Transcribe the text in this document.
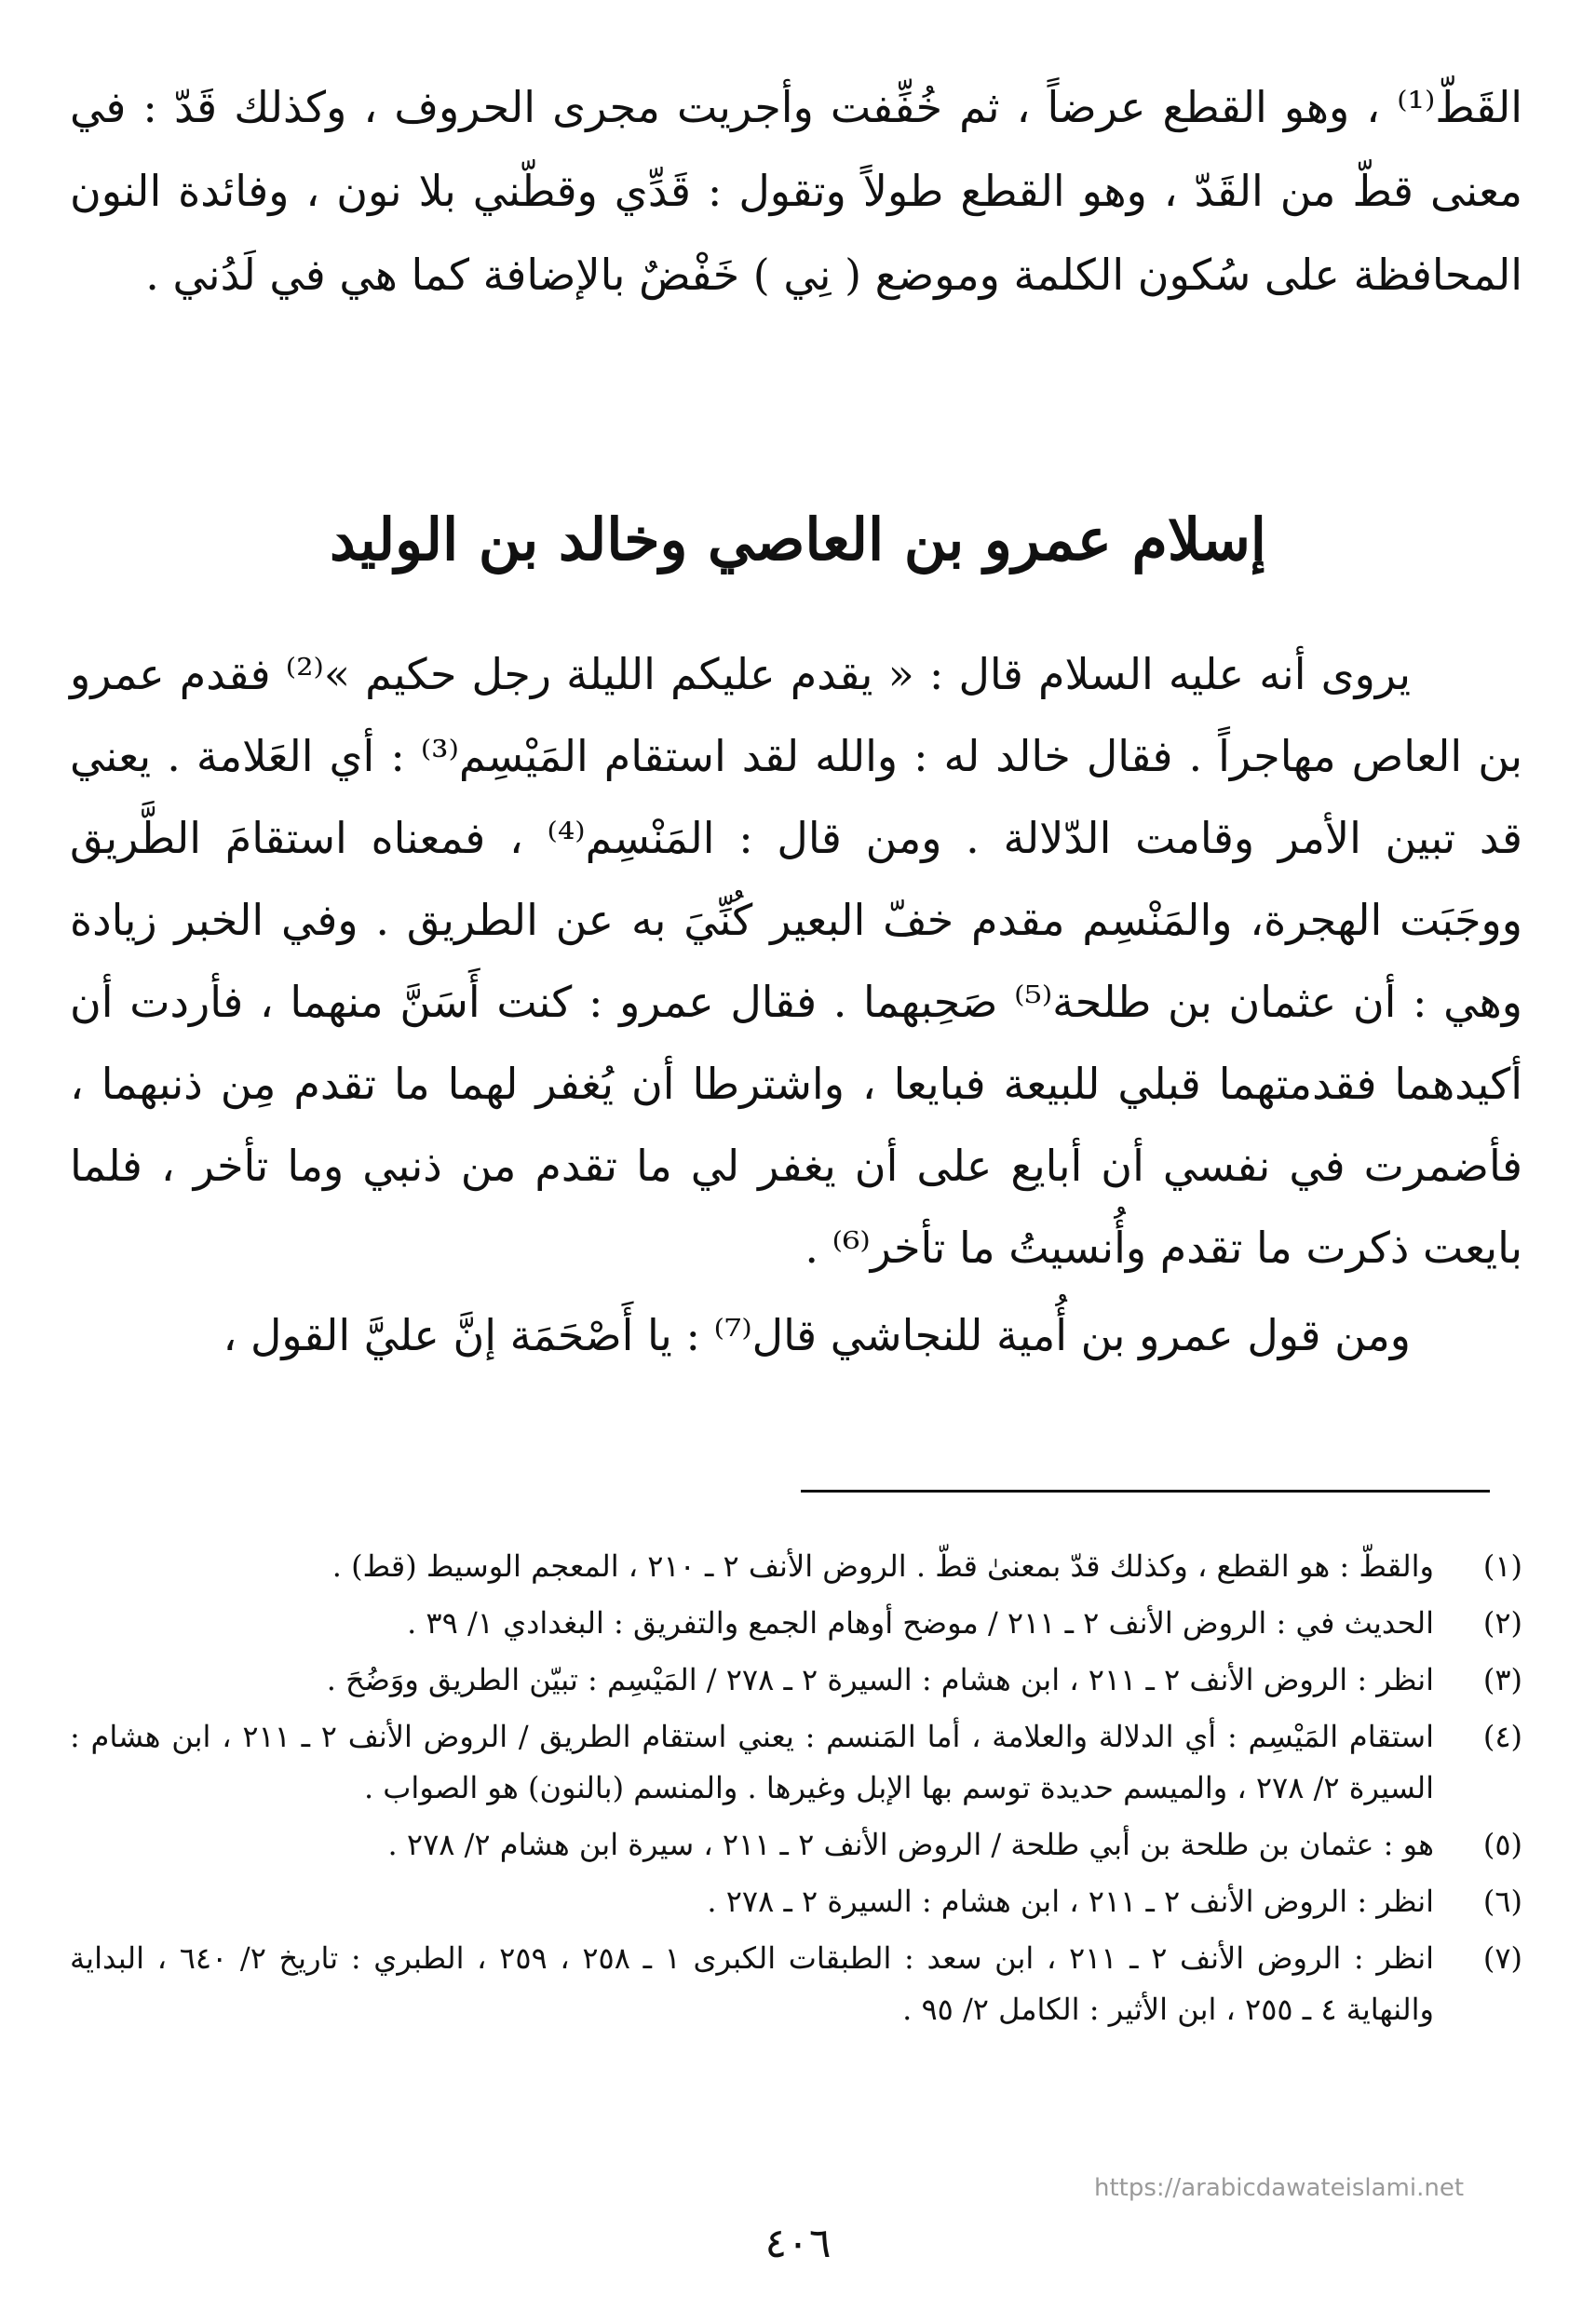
القَطّ⁽¹⁾ ، وهو القطع عرضاً ، ثم خُفِّفت وأجريت مجرى الحروف ، وكذلك قَدّ : في معنى قطّ من القَدّ ، وهو القطع طولاً وتقول : قَدِّي وقطّني بلا نون ، وفائدة النون المحافظة على سُكون الكلمة وموضع ( نِي ) خَفْضٌ بالإضافة كما هي في لَدُني .
إسلام عمرو بن العاصي وخالد بن الوليد

يروى أنه عليه السلام قال : « يقدم عليكم الليلة رجل حكيم »⁽²⁾ فقدم عمرو بن العاص مهاجراً . فقال خالد له : والله لقد استقام المَيْسِم⁽³⁾ : أي العَلامة . يعني قد تبين الأمر وقامت الدّلالة . ومن قال : المَنْسِم⁽⁴⁾ ، فمعناه استقامَ الطَّريق ووجَبَت الهجرة، والمَنْسِم مقدم خفّ البعير كُنِّيَ به عن الطريق . وفي الخبر زيادة وهي : أن عثمان بن طلحة⁽⁵⁾ صَحِبهما . فقال عمرو : كنت أَسَنَّ منهما ، فأردت أن أكيدهما فقدمتهما قبلي للبيعة فبايعا ، واشترطا أن يُغفر لهما ما تقدم مِن ذنبهما ، فأضمرت في نفسي أن أبايع على أن يغفر لي ما تقدم من ذنبي وما تأخر ، فلما بايعت ذكرت ما تقدم وأُنسيتُ ما تأخر⁽⁶⁾ .

ومن قول عمرو بن أُمية للنجاشي قال⁽⁷⁾ : يا أَصْحَمَة إنَّ عليَّ القول ،

(١)
والقطّ : هو القطع ، وكذلك قدّ بمعنىٰ قطّ . الروض الأنف ٢ ـ ٢١٠ ، المعجم الوسيط (قط) .
(٢)
الحديث في : الروض الأنف ٢ ـ ٢١١ / موضح أوهام الجمع والتفريق : البغدادي ١/ ٣٩ .
(٣)
انظر : الروض الأنف ٢ ـ ٢١١ ، ابن هشام : السيرة ٢ ـ ٢٧٨ / المَيْسِم : تبيّن الطريق ووَضُحَ .
(٤)
استقام المَيْسِم : أي الدلالة والعلامة ، أما المَنسم : يعني استقام الطريق / الروض الأنف ٢ ـ ٢١١ ، ابن هشام : السيرة ٢/ ٢٧٨ ، والميسم حديدة توسم بها الإبل وغيرها . والمنسم (بالنون) هو الصواب .
(٥)
هو : عثمان بن طلحة بن أبي طلحة / الروض الأنف ٢ ـ ٢١١ ، سيرة ابن هشام ٢/ ٢٧٨ .
(٦)
انظر : الروض الأنف ٢ ـ ٢١١ ، ابن هشام : السيرة ٢ ـ ٢٧٨ .
(٧)
انظر : الروض الأنف ٢ ـ ٢١١ ، ابن سعد : الطبقات الكبرى ١ ـ ٢٥٨ ، ٢٥٩ ، الطبري : تاريخ ٢/ ٦٤٠ ، البداية والنهاية ٤ ـ ٢٥٥ ، ابن الأثير : الكامل ٢/ ٩٥ .
https://arabicdawateislami.net
٤٠٦
